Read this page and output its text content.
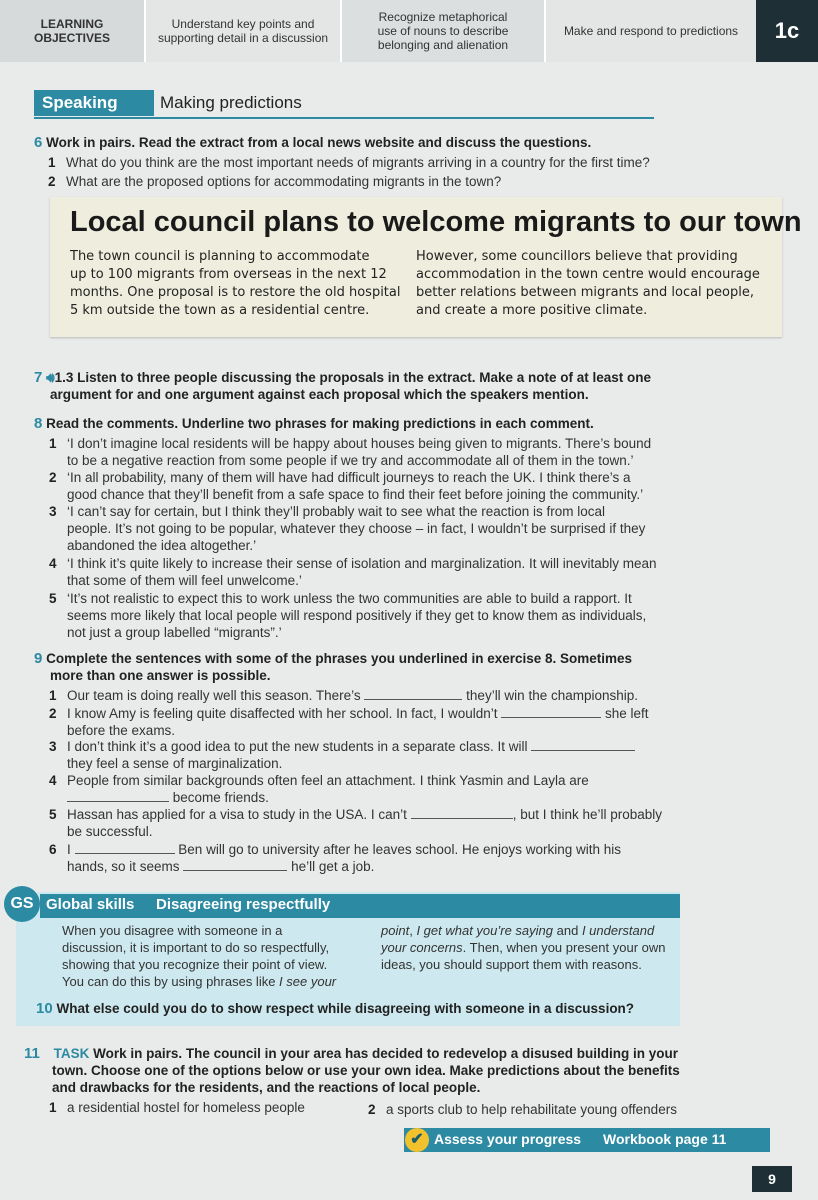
LEARNING
OBJECTIVES
Understand key points and
supporting detail in a discussion
Recognize metaphorical
use of nouns to describe
belonging and alienation
Make and respond to predictions	1c
Speaking	Making predictions
6 Work in pairs. Read the extract from a local news website and discuss the questions.
1 What do you think are the most important needs of migrants arriving in a country for the first time?
2 What are the proposed options for accommodating migrants in the town?
Local council plans to welcome migrants to our town
The town council is planning to accommodate
up to 100 migrants from overseas in the next 12
months. One proposal is to restore the old hospital
5 km outside the town as a residential centre.
However, some councillors believe that providing
accommodation in the town centre would encourage
better relations between migrants and local people,
and create a more positive climate.
7 🔊︎1.3 Listen to three people discussing the proposals in the extract. Make a note of at least one
argument for and one argument against each proposal which the speakers mention.
8 Read the comments. Underline two phrases for making predictions in each comment.
1 ‘I don’t imagine local residents will be happy about houses being given to migrants. There’s bound
to be a negative reaction from some people if we try and accommodate all of them in the town.’
2 ‘In all probability, many of them will have had difficult journeys to reach the UK. I think there’s a
good chance that they’ll benefit from a safe space to find their feet before joining the community.’
3 ‘I can’t say for certain, but I think they’ll probably wait to see what the reaction is from local
people. It’s not going to be popular, whatever they choose – in fact, I wouldn’t be surprised if they
abandoned the idea altogether.’
4 ‘I think it’s quite likely to increase their sense of isolation and marginalization. It will inevitably mean
that some of them will feel unwelcome.’
5 ‘It’s not realistic to expect this to work unless the two communities are able to build a rapport. It
seems more likely that local people will respond positively if they get to know them as individuals,
not just a group labelled “migrants”.’
9 Complete the sentences with some of the phrases you underlined in exercise 8. Sometimes
more than one answer is possible.
1 Our team is doing really well this season. There’s	they’ll win the championship.
2 I know Amy is feeling quite disaffected with her school. In fact, I wouldn’t	she left
before the exams.
3 I don’t think it’s a good idea to put the new students in a separate class. It will
they feel a sense of marginalization.
4 People from similar backgrounds often feel an attachment. I think Yasmin and Layla are
become friends.
5 Hassan has applied for a visa to study in the USA. I can’t	, but I think he’ll probably
be successful.
6 I	Ben will go to university after he leaves school. He enjoys working with his
hands, so it seems	he’ll get a job.
GS Global skills Disagreeing respectfully
When you disagree with someone in a
discussion, it is important to do so respectfully,
showing that you recognize their point of view.
You can do this by using phrases like I see your
point, I get what you’re saying and I understand
your concerns. Then, when you present your own
ideas, you should support them with reasons.
10 What else could you do to show respect while disagreeing with someone in a discussion?
11 TASK Work in pairs. The council in your area has decided to redevelop a disused building in your
town. Choose one of the options below or use your own idea. Make predictions about the benefits
and drawbacks for the residents, and the reactions of local people.
1 a residential hostel for homeless people	2 a sports club to help rehabilitate young offenders
✔ Assess your progress Workbook page 11
9
